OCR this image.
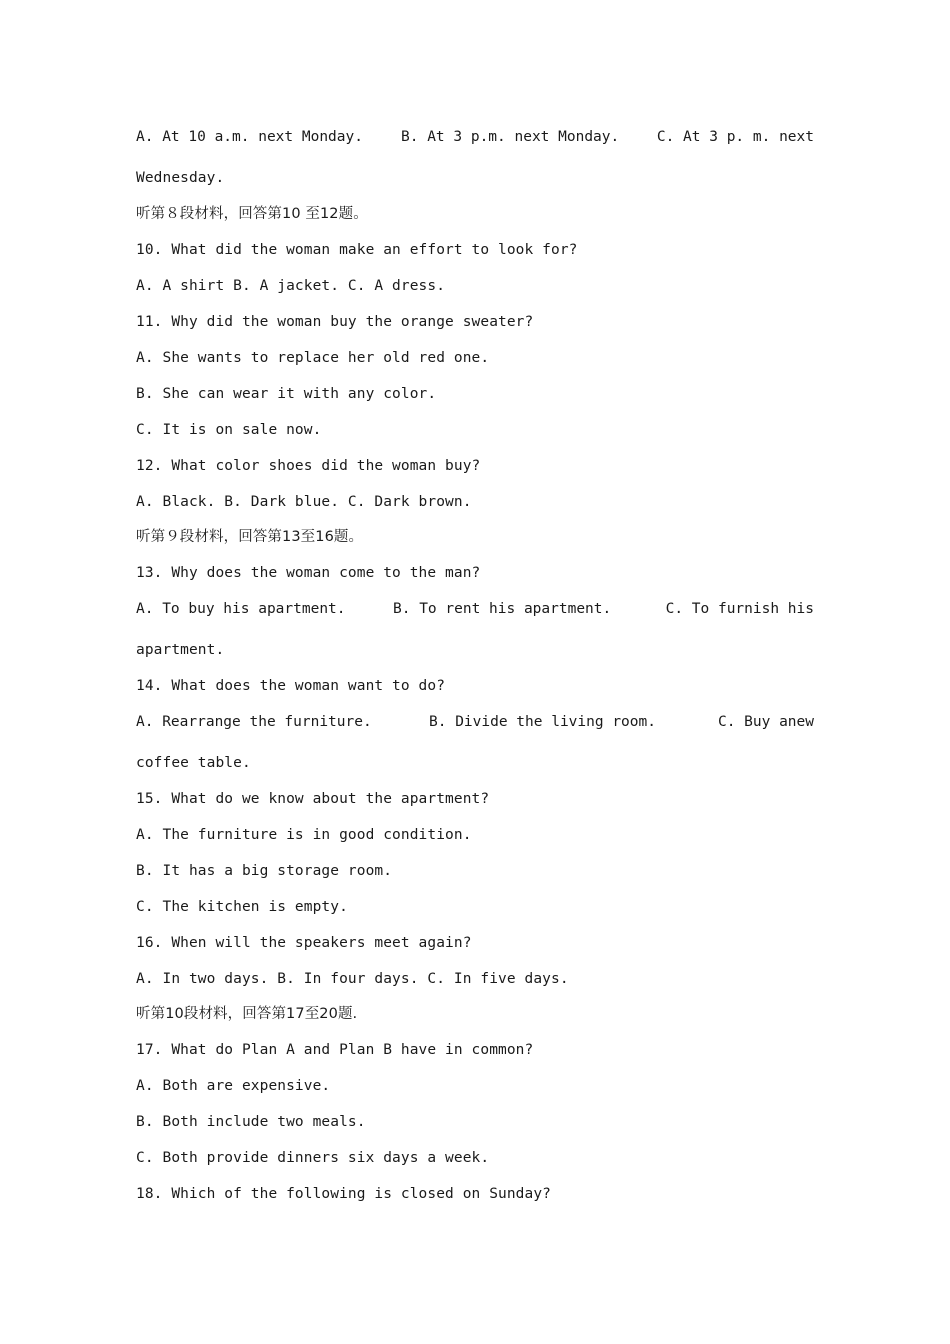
A. At 10 a.m. next Monday.	B. At 3 p.m. next Monday.	C. At 3 p. m. next
Wednesday.
听第８段材料，回答第10 至12题。
10. What did the woman make an effort to look for?
A. A shirt B. A jacket. C. A dress.
11. Why did the woman buy the orange sweater?
A. She wants to replace her old red one.
B. She can wear it with any color.
C. It is on sale now.
12. What color shoes did the woman buy?
A. Black. B. Dark blue. C. Dark brown.
听第９段材料，回答第13至16题。
13. Why does the woman come to the man?
A. To buy his apartment.	B. To rent his apartment.	C. To furnish his
apartment.
14. What does the woman want to do?
A. Rearrange the furniture.	B. Divide the living room.	C. Buy anew
coffee table.
15. What do we know about the apartment?
A. The furniture is in good condition.
B. It has a big storage room.
C. The kitchen is empty.
16. When will the speakers meet again?
A. In two days. B. In four days. C. In five days.
听第10段材料，回答第17至20题.
17. What do Plan A and Plan B have in common?
A. Both are expensive.
B. Both include two meals.
C. Both provide dinners six days a week.
18. Which of the following is closed on Sunday?
